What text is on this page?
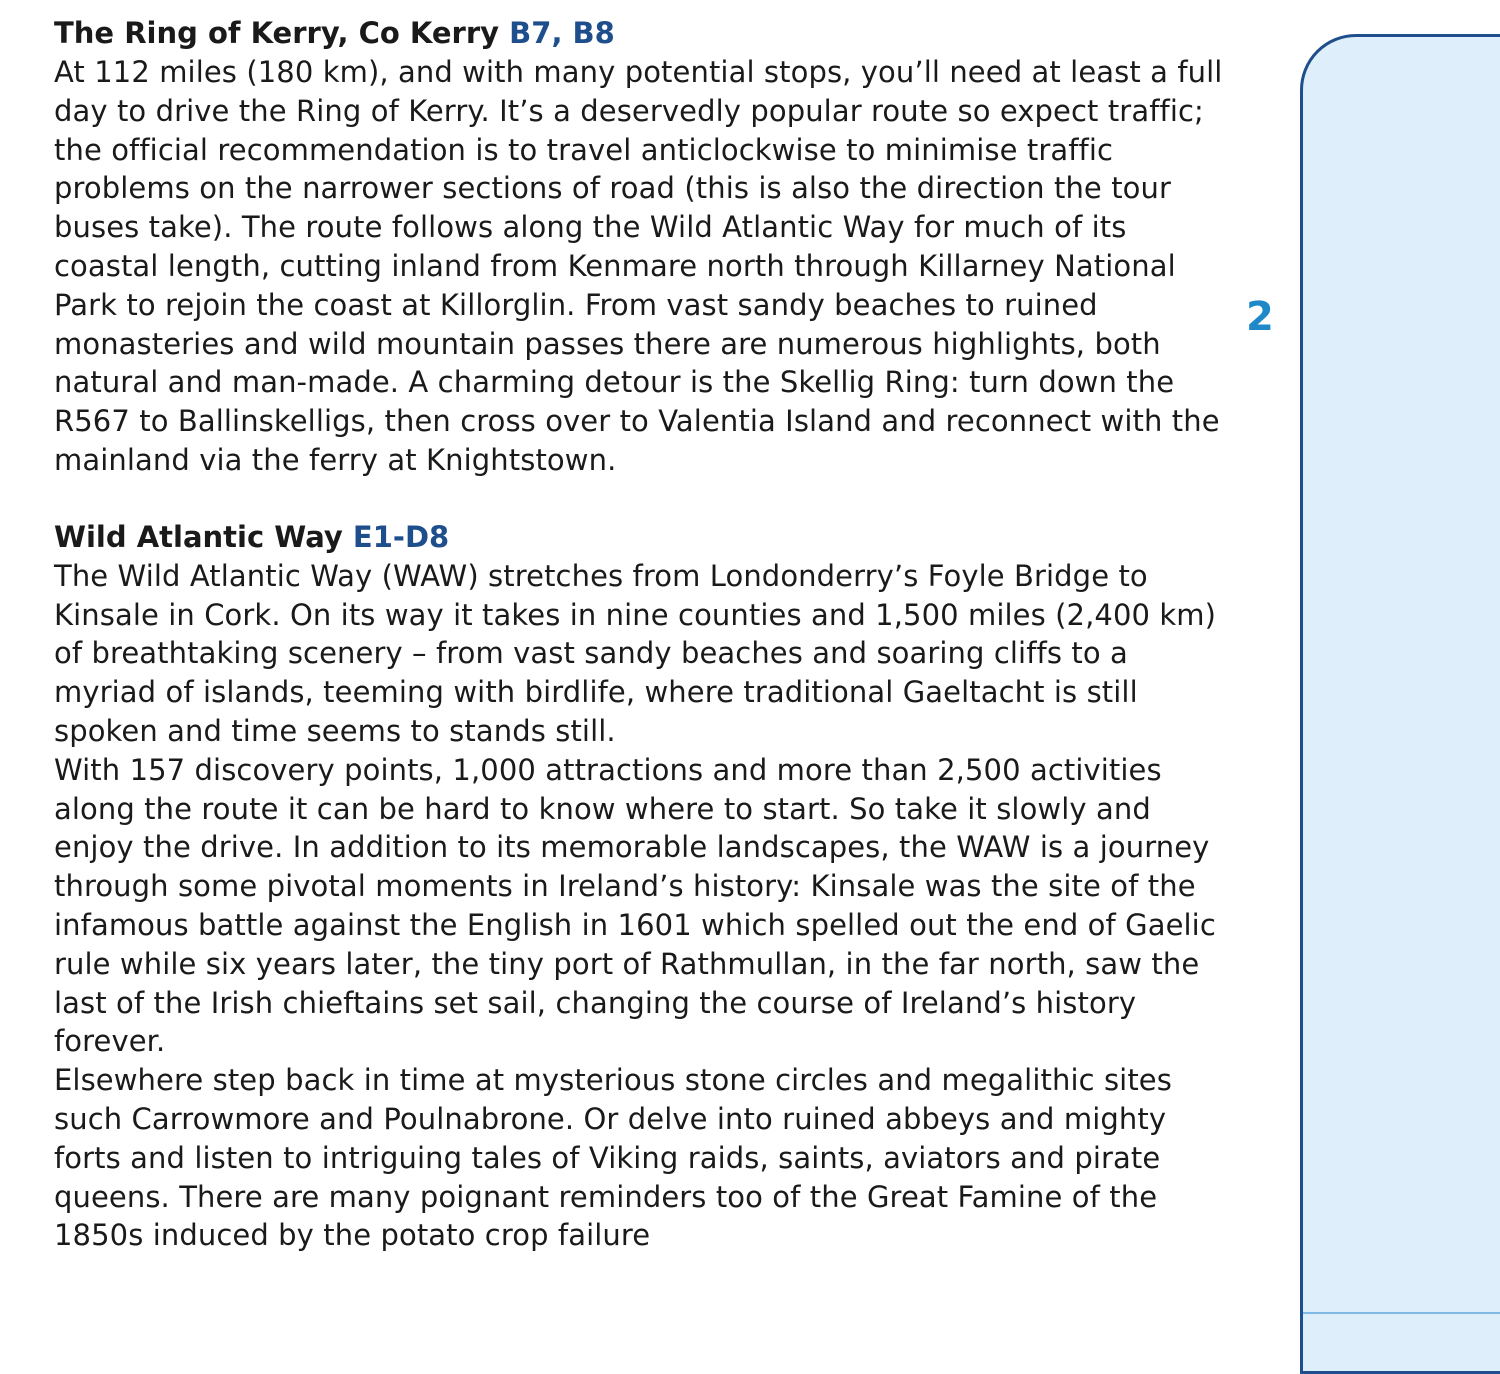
The Ring of Kerry, Co Kerry B7, B8

At 112 miles (180 km), and with many potential stops, you’ll need at least a full day to drive the Ring of Kerry. It’s a deservedly popular route so expect traffic; the official recommendation is to travel anticlockwise to minimise traffic problems on the narrower sections of road (this is also the direction the tour buses take). The route follows along the Wild Atlantic Way for much of its coastal length, cutting inland from Kenmare north through Killarney National Park to rejoin the coast at Killorglin. From vast sandy beaches to ruined monasteries and wild mountain passes there are numerous highlights, both natural and man-made. A charming detour is the Skellig Ring: turn down the R567 to Ballinskelligs, then cross over to Valentia Island and reconnect with the mainland via the ferry at Knightstown.

Wild Atlantic Way E1-D8

The Wild Atlantic Way (WAW) stretches from Londonderry’s Foyle Bridge to Kinsale in Cork. On its way it takes in nine counties and 1,500 miles (2,400 km) of breathtaking scenery – from vast sandy beaches and soaring cliffs to a myriad of islands, teeming with birdlife, where traditional Gaeltacht is still spoken and time seems to stands still.

With 157 discovery points, 1,000 attractions and more than 2,500 activities along the route it can be hard to know where to start. So take it slowly and enjoy the drive. In addition to its memorable landscapes, the WAW is a journey through some pivotal moments in Ireland’s history: Kinsale was the site of the infamous battle against the English in 1601 which spelled out the end of Gaelic rule while six years later, the tiny port of Rathmullan, in the far north, saw the last of the Irish chieftains set sail, changing the course of Ireland’s history forever.

Elsewhere step back in time at mysterious stone circles and megalithic sites such Carrowmore and Poulnabrone. Or delve into ruined abbeys and mighty forts and listen to intriguing tales of Viking raids, saints, aviators and pirate queens. There are many poignant reminders too of the Great Famine of the 1850s induced by the potato crop failure

2
